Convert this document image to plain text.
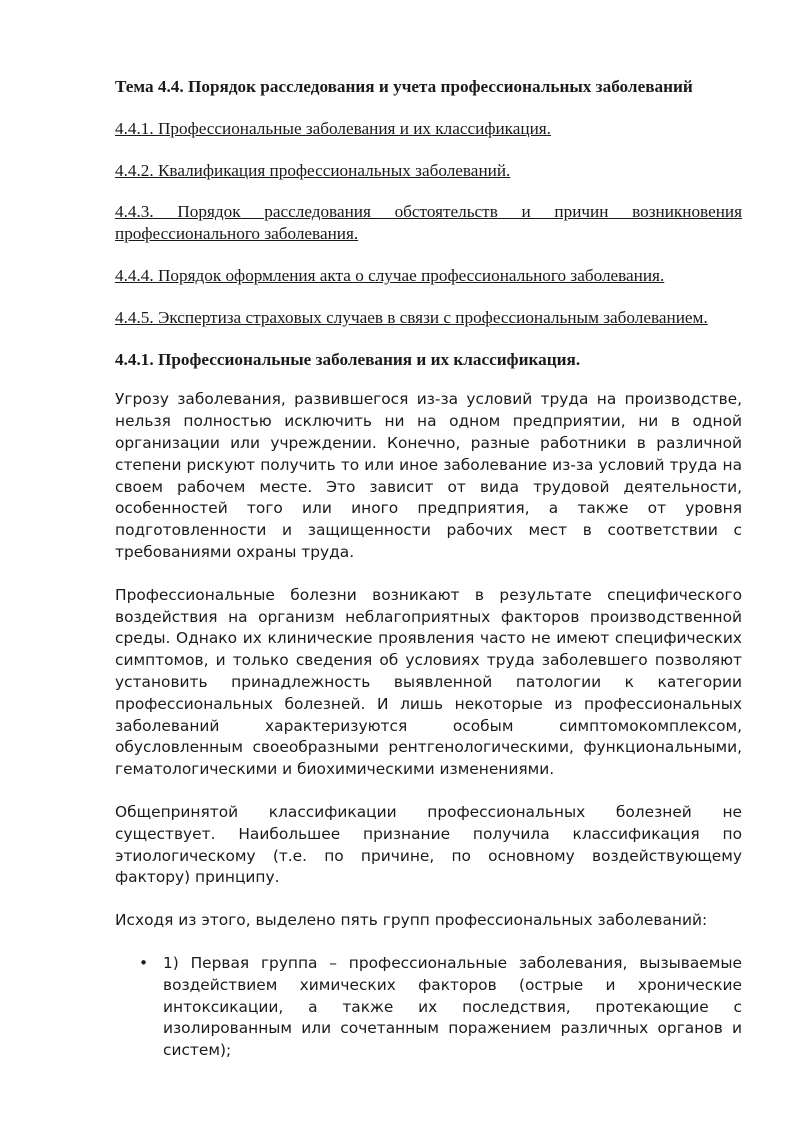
Тема 4.4. Порядок расследования и учета профессиональных заболеваний

4.4.1. Профессиональные заболевания и их классификация.

4.4.2. Квалификация профессиональных заболеваний.

4.4.3. Порядок расследования обстоятельств и причин возникновения профессионального заболевания.

4.4.4. Порядок оформления акта о случае профессионального заболевания.

4.4.5. Экспертиза страховых случаев в связи с профессиональным заболеванием.

4.4.1. Профессиональные заболевания и их классификация.

Угрозу заболевания, развившегося из-за условий труда на производстве, нельзя полностью исключить ни на одном предприятии, ни в одной организации или учреждении. Конечно, разные работники в различной степени рискуют получить то или иное заболевание из-за условий труда на своем рабочем месте. Это зависит от вида трудовой деятельности, особенностей того или иного предприятия, а также от уровня подготовленности и защищенности рабочих мест в соответствии с требованиями охраны труда.

Профессиональные болезни возникают в результате специфического воздействия на организм неблагоприятных факторов производственной среды. Однако их клинические проявления часто не имеют специфических симптомов, и только сведения об условиях труда заболевшего позволяют установить принадлежность выявленной патологии к категории профессиональных болезней. И лишь некоторые из профессиональных заболеваний характеризуются особым симптомокомплексом, обусловленным своеобразными рентгенологическими, функциональными, гематологическими и биохимическими изменениями.

Общепринятой классификации профессиональных болезней не существует. Наибольшее признание получила классификация по этиологическому (т.е. по причине, по основному воздействующему фактору) принципу.

Исходя из этого, выделено пять групп профессиональных заболеваний:

• 1) Первая группа – профессиональные заболевания, вызываемые воздействием химических факторов (острые и хронические интоксикации, а также их последствия, протекающие с изолированным или сочетанным поражением различных органов и систем);
